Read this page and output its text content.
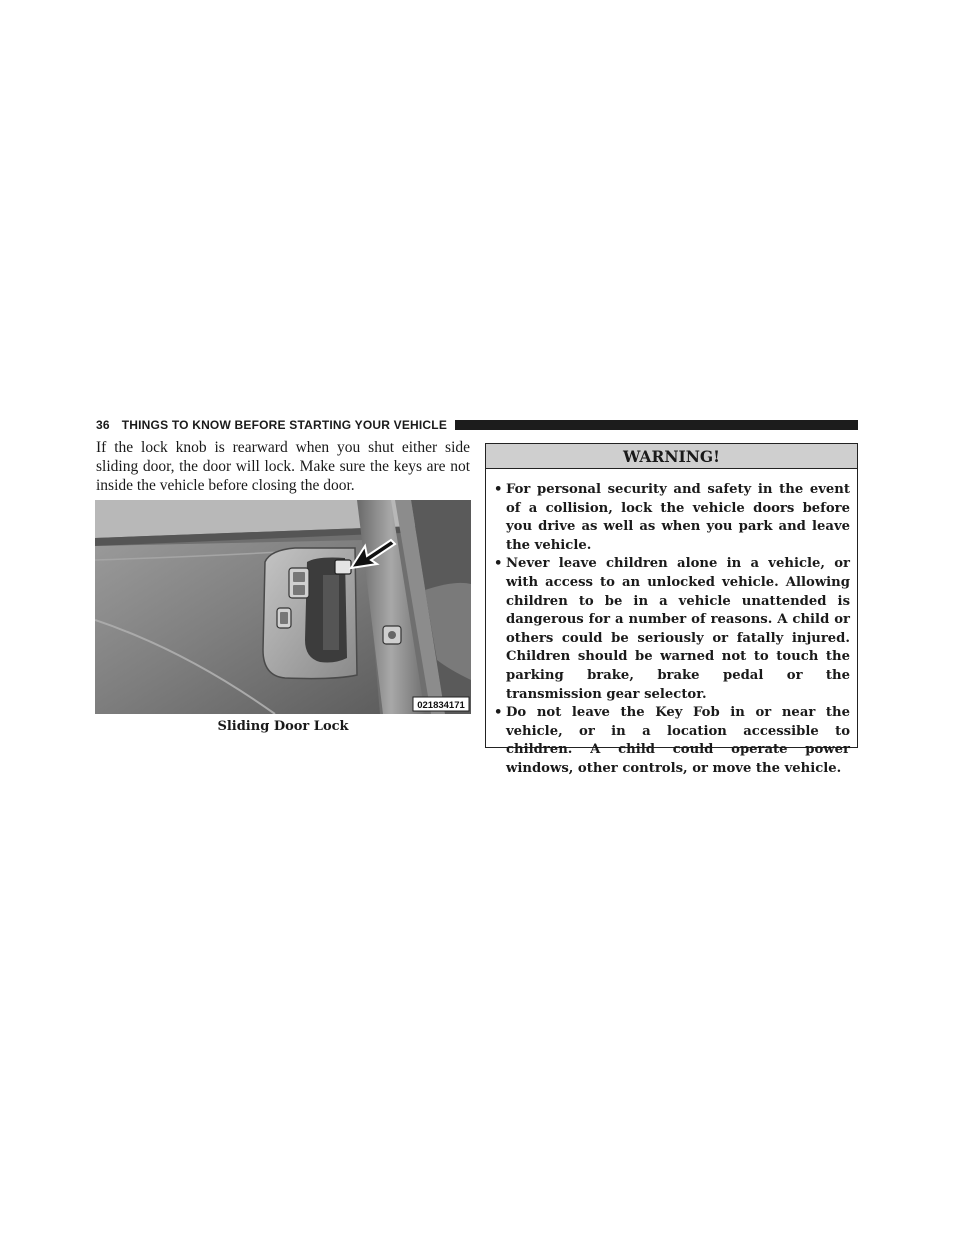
36 THINGS TO KNOW BEFORE STARTING YOUR VEHICLE

If the lock knob is rearward when you shut either side sliding door, the door will lock. Make sure the keys are not inside the vehicle before closing the door.

021834171
Sliding Door Lock
WARNING!
• For personal security and safety in the event of a collision, lock the vehicle doors before you drive as well as when you park and leave the vehicle.
• Never leave children alone in a vehicle, or with access to an unlocked vehicle. Allowing children to be in a vehicle unattended is dangerous for a number of reasons. A child or others could be seriously or fatally injured. Children should be warned not to touch the parking brake, brake pedal or the transmission gear selector.
• Do not leave the Key Fob in or near the vehicle, or in a location accessible to children. A child could operate power windows, other controls, or move the vehicle.
